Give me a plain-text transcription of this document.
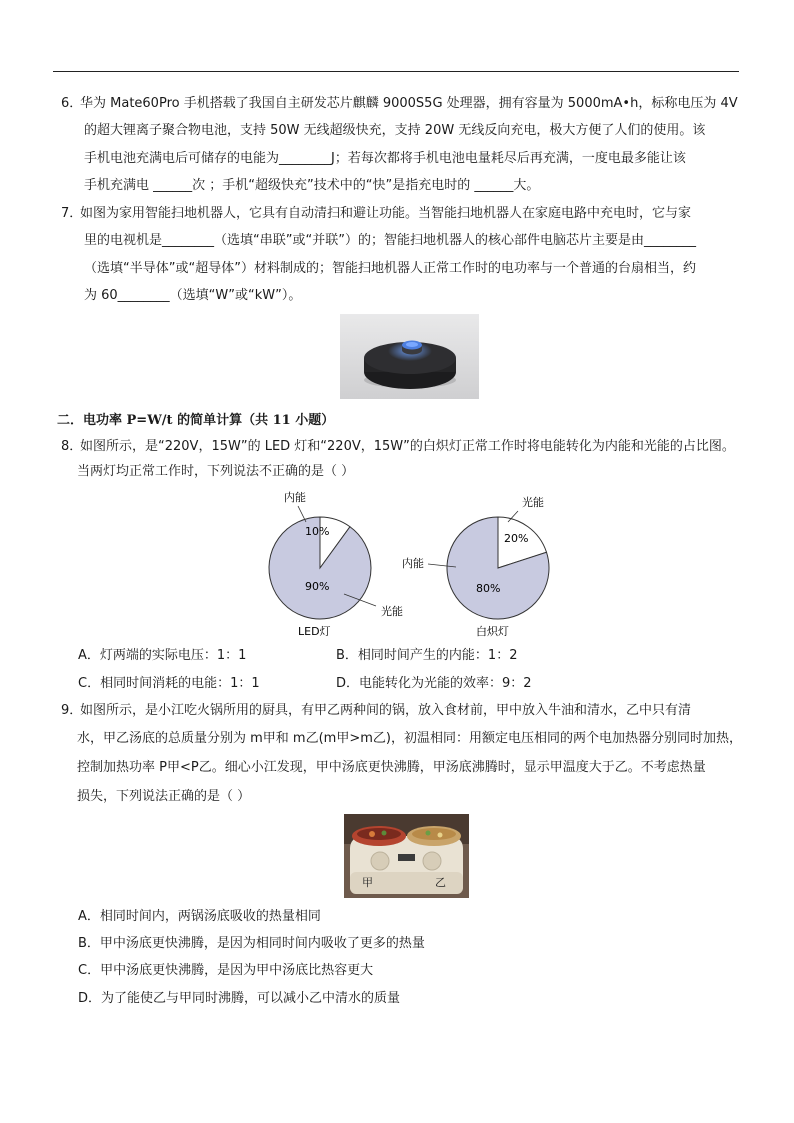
6．
华为 Mate60Pro 手机搭载了我国自主研发芯片麒麟 9000S5G 处理器，拥有容量为 5000mA•h，标称电压为 4V
的超大锂离子聚合物电池，支持 50W 无线超级快充，支持 20W 无线反向充电，极大方便了人们的使用。该
手机电池充满电后可储存的电能为________J；若每次都将手机电池电量耗尽后再充满，一度电最多能让该
手机充满电 ______次 ；手机“超级快充”技术中的“快”是指充电时的 ______大。
7．
如图为家用智能扫地机器人，它具有自动清扫和避让功能。当智能扫地机器人在家庭电路中充电时，它与家
里的电视机是________（选填“串联”或“并联”）的；智能扫地机器人的核心部件电脑芯片主要是由________
（选填“半导体”或“超导体”）材料制成的；智能扫地机器人正常工作时的电功率与一个普通的台扇相当，约
为 60________（选填“W”或“kW”）。
二．电功率 P=W/t 的简单计算（共 11 小题）
8．
如图所示，是“220V，15W”的 LED 灯和“220V，15W”的白炽灯正常工作时将电能转化为内能和光能的占比图。
当两灯均正常工作时，下列说法不正确的是（ ）
内能
10%
90%
光能
LED灯
光能
20%
80%
内能
白炽灯
A．灯两端的实际电压：1：1	B．相同时间产生的内能：1：2
C．相同时间消耗的电能：1：1	D．电能转化为光能的效率：9：2
9．
如图所示，是小江吃火锅所用的厨具，有甲乙两种间的锅，放入食材前，甲中放入牛油和清水，乙中只有清
水，甲乙汤底的总质量分别为 m甲和 m乙(m甲>m乙)，初温相同：用额定电压相同的两个电加热器分别同时加热，
控制加热功率 P甲<P乙。细心小江发现，甲中汤底更快沸腾，甲汤底沸腾时，显示甲温度大于乙。不考虑热量
损失，下列说法正确的是（ ）
甲	乙
A．相同时间内，两锅汤底吸收的热量相同
B．甲中汤底更快沸腾，是因为相同时间内吸收了更多的热量
C．甲中汤底更快沸腾，是因为甲中汤底比热容更大
D．为了能使乙与甲同时沸腾，可以减小乙中清水的质量
